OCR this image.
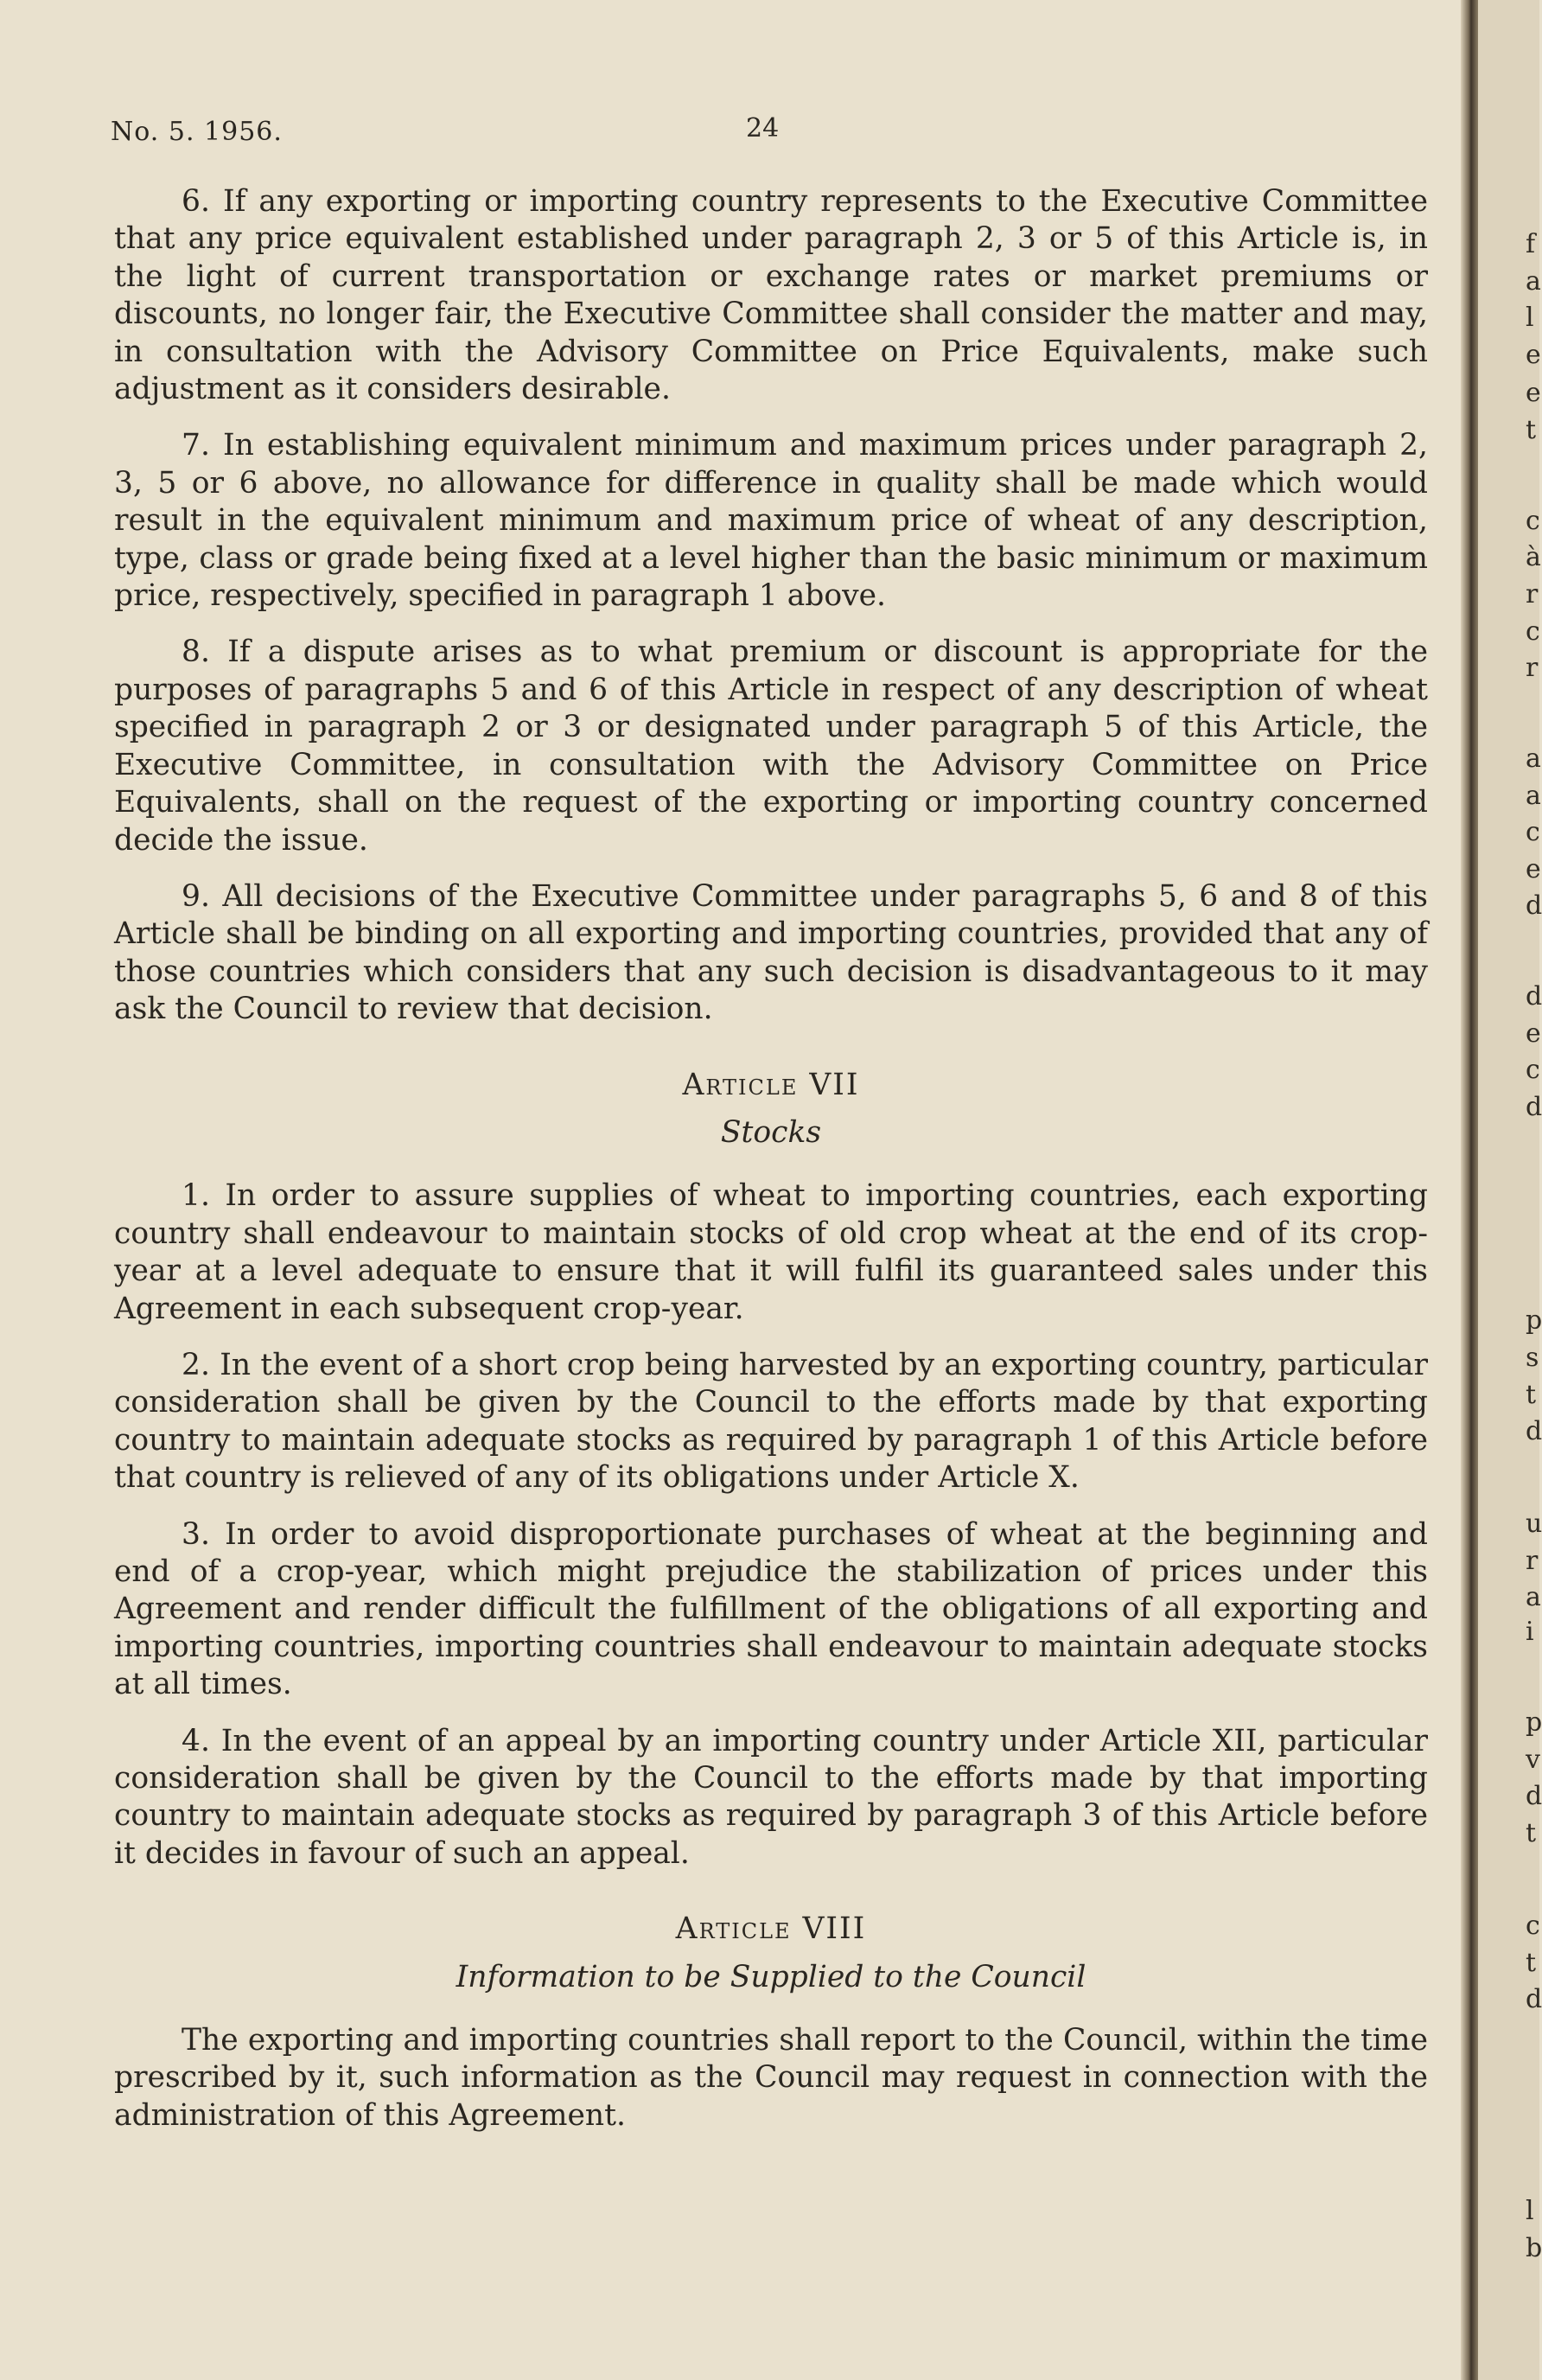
No. 5. 1956.	24

6. If any exporting or importing country represents to the Executive Committee that any price equivalent established under paragraph 2, 3 or 5 of this Article is, in the light of current transportation or exchange rates or market premiums or discounts, no longer fair, the Executive Committee shall consider the matter and may, in consultation with the Advisory Committee on Price Equivalents, make such adjustment as it considers desirable.

7. In establishing equivalent minimum and maximum prices under paragraph 2, 3, 5 or 6 above, no allowance for difference in quality shall be made which would result in the equivalent minimum and maximum price of wheat of any description, type, class or grade being fixed at a level higher than the basic minimum or maximum price, respectively, specified in paragraph 1 above.

8. If a dispute arises as to what premium or discount is appropriate for the purposes of paragraphs 5 and 6 of this Article in respect of any description of wheat specified in paragraph 2 or 3 or designated under paragraph 5 of this Article, the Executive Committee, in consultation with the Advisory Committee on Price Equivalents, shall on the request of the exporting or importing country concerned decide the issue.

9. All decisions of the Executive Committee under paragraphs 5, 6 and 8 of this Article shall be binding on all exporting and importing countries, provided that any of those countries which considers that any such decision is disadvantageous to it may ask the Council to review that decision.

Article VII
Stocks

1. In order to assure supplies of wheat to importing countries, each exporting country shall endeavour to maintain stocks of old crop wheat at the end of its crop-year at a level adequate to ensure that it will fulfil its guaranteed sales under this Agreement in each subsequent crop-year.

2. In the event of a short crop being harvested by an exporting country, particular consideration shall be given by the Council to the efforts made by that exporting country to maintain adequate stocks as required by paragraph 1 of this Article before that country is relieved of any of its obligations under Article X.

3. In order to avoid disproportionate purchases of wheat at the beginning and end of a crop-year, which might prejudice the stabilization of prices under this Agreement and render difficult the fulfillment of the obligations of all exporting and importing countries, importing countries shall endeavour to maintain adequate stocks at all times.

4. In the event of an appeal by an importing country under Article XII, particular consideration shall be given by the Council to the efforts made by that importing country to maintain adequate stocks as required by paragraph 3 of this Article before it decides in favour of such an appeal.

Article VIII
Information to be Supplied to the Council

The exporting and importing countries shall report to the Council, within the time prescribed by it, such information as the Council may request in connection with the administration of this Agreement.

f
a
l
e
e
t
c
à
r
c
r
a
a
c
e
d
d
e
c
d
p
s
t
d
u
r
a
i
p
v
d
t
c
t
d
l
b
